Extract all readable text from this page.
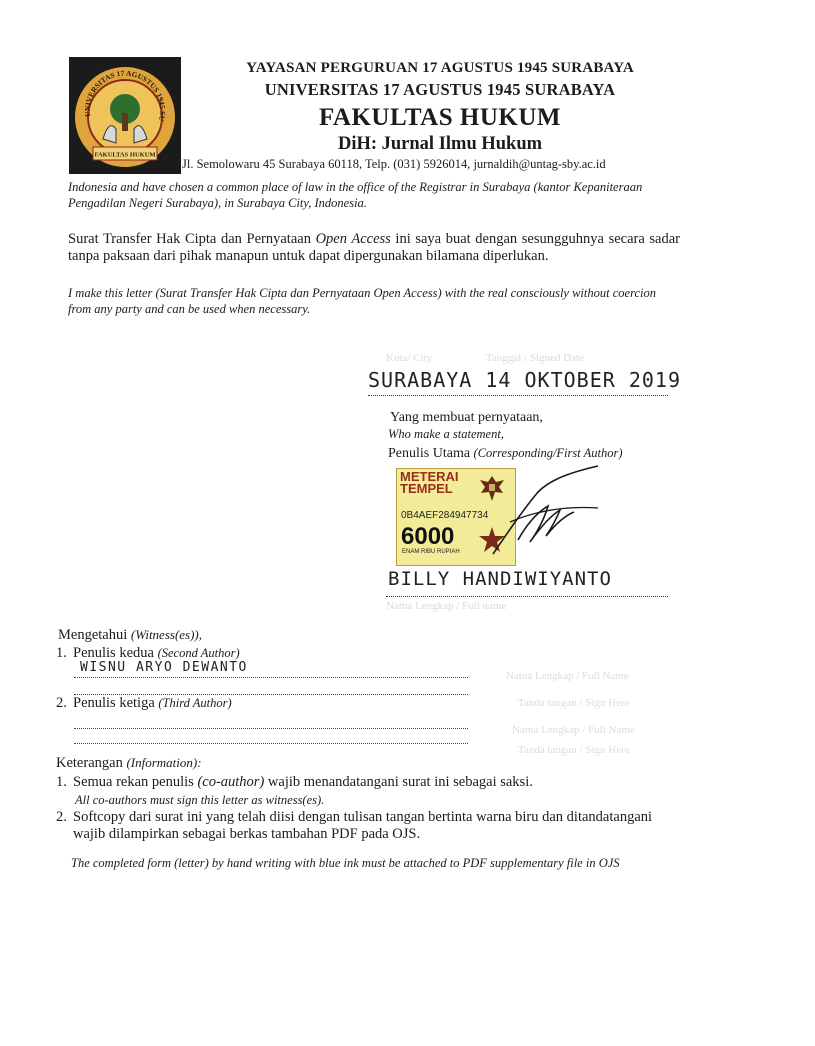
UNIVERSITAS 17 AGUSTUS 1945 SU
FAKULTAS HUKUM
YAYASAN PERGURUAN 17 AGUSTUS 1945 SURABAYA
UNIVERSITAS 17 AGUSTUS 1945 SURABAYA
FAKULTAS HUKUM
DiH: Jurnal Ilmu Hukum
Jl. Semolowaru 45 Surabaya 60118, Telp. (031) 5926014, jurnaldih@untag-sby.ac.id
Indonesia and have chosen a common place of law in the office of the Registrar in Surabaya (kantor Kepaniteraan Pengadilan Negeri Surabaya), in Surabaya City, Indonesia.
Surat Transfer Hak Cipta dan Pernyataan Open Access ini saya buat dengan sesungguhnya secara sadar tanpa paksaan dari pihak manapun untuk dapat dipergunakan bilamana diperlukan.
I make this letter (Surat Transfer Hak Cipta dan Pernyataan Open Access) with the real consciously without coercion from any party and can be used when necessary.
Kota/ City	Tanggal / Signed Date
SURABAYA 14 OKTOBER 2019
Yang membuat pernyataan,
Who make a statement,
Penulis Utama (Corresponding/First Author)
METERAI
TEMPEL
0B4AEF284947734
6000
ENAM RIBU RUPIAH
BILLY HANDIWIYANTO
Nama Lengkap / Full name
Mengetahui (Witness(es)),
1. Penulis kedua (Second Author)
WISNU ARYO DEWANTO
2. Penulis ketiga (Third Author)
Nama Lengkap / Full Name
Tanda tangan / Sign Here
Nama Lengkap / Full Name
Tanda tangan / Sign Here
Keterangan (Information):
1. Semua rekan penulis (co-author) wajib menandatangani surat ini sebagai saksi.
All co-authors must sign this letter as witness(es).
2. Softcopy dari surat ini yang telah diisi dengan tulisan tangan bertinta warna biru dan ditandatangani wajib dilampirkan sebagai berkas tambahan PDF pada OJS.
The completed form (letter) by hand writing with blue ink must be attached to PDF supplementary file in OJS
